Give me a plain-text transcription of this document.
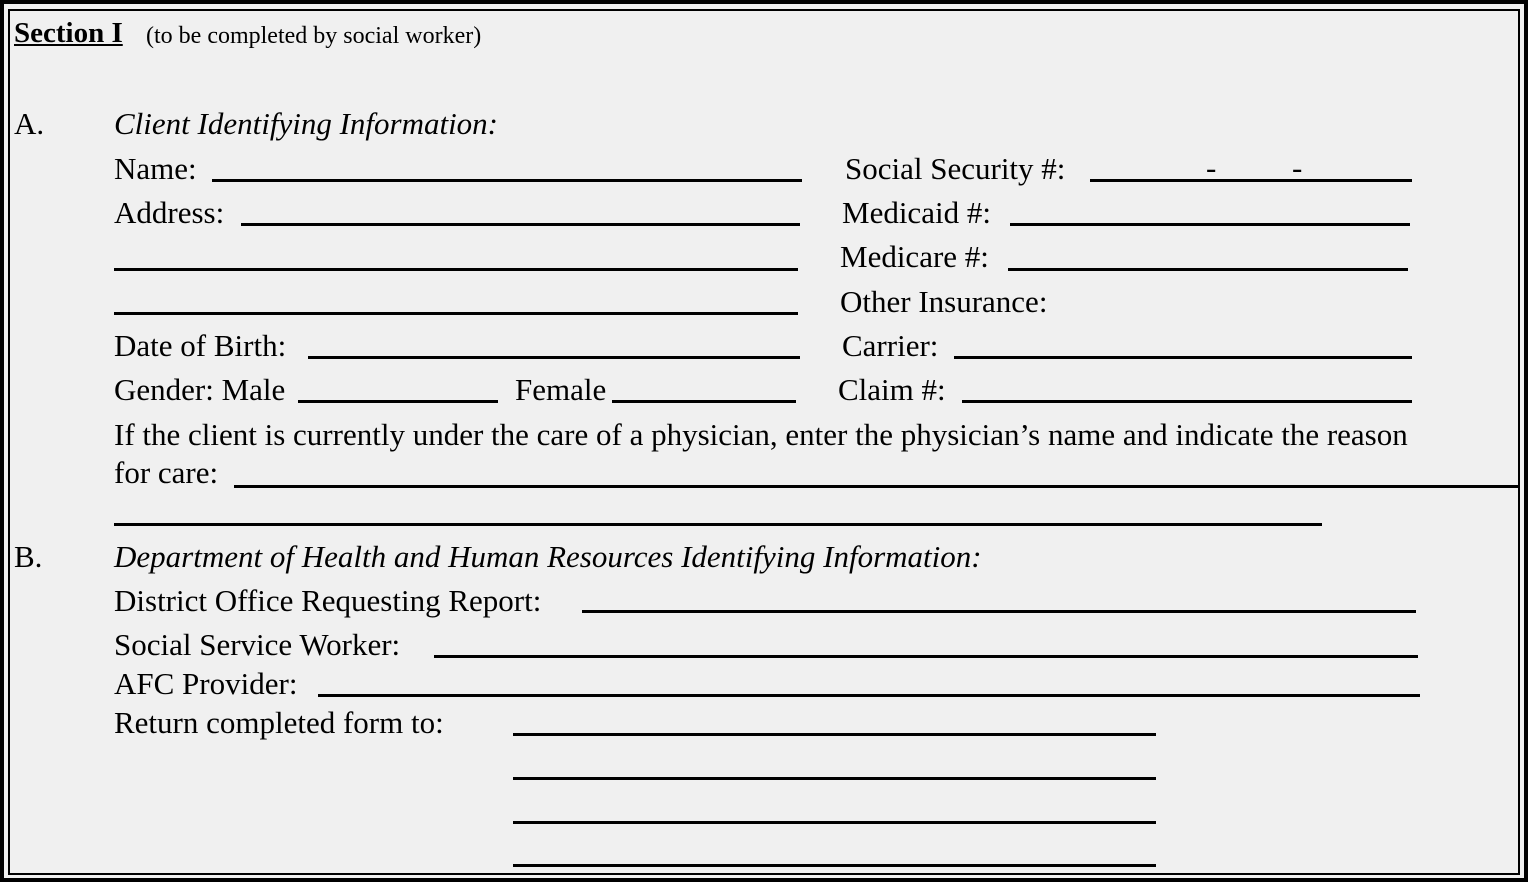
Section I (to be completed by social worker)
A. Client Identifying Information:
Name:
Address:
Date of Birth:
Gender: Male	Female
Social Security #:	- -
Medicaid #:
Medicare #:
Other Insurance:
Carrier:
Claim #:
If the client is currently under the care of a physician, enter the physician’s name and indicate the reason
for care:
B. Department of Health and Human Resources Identifying Information:
District Office Requesting Report:
Social Service Worker:
AFC Provider:
Return completed form to:
